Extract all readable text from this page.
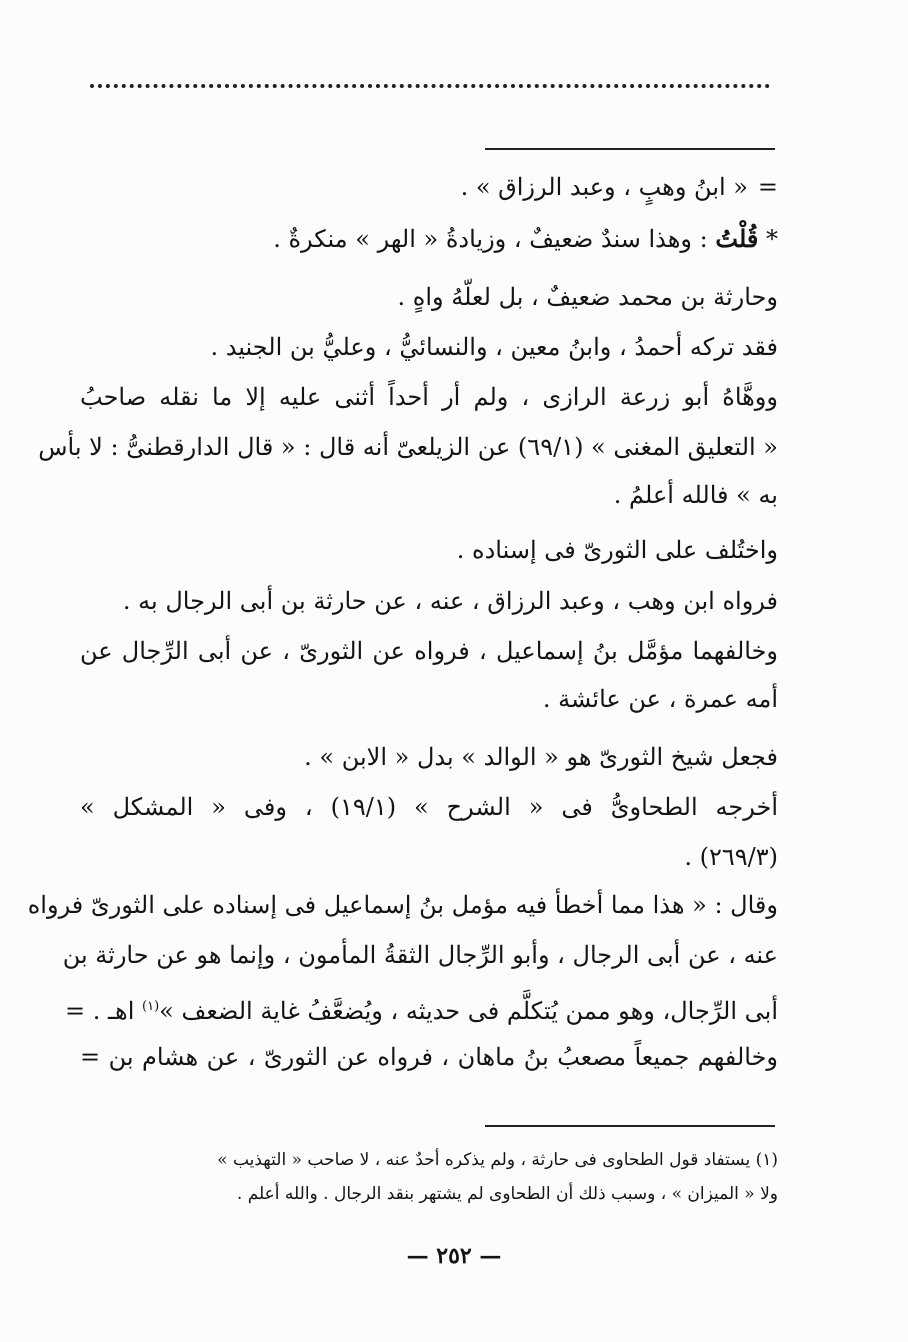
=
« ابنُ وهبٍ ، وعبد الرزاق » .
* قُلْتُ : وهذا سندٌ ضعيفٌ ، وزيادةُ « الهر » منكرةٌ .
وحارثة بن محمد ضعيفٌ ، بل لعلّهُ واهٍ .
فقد تركه أحمدُ ، وابنُ معين ، والنسائيُّ ، وعليُّ بن الجنيد .
ووهَّاهُ أبو زرعة الرازى ، ولم أر أحداً أثنى عليه إلا ما نقله صاحبُ
« التعليق المغنى » (٦٩/١) عن الزيلعىّ أنه قال : « قال الدارقطنىُّ : لا بأس
به » فالله أعلمُ .
واختُلف على الثورىّ فى إسناده .
فرواه ابن وهب ، وعبد الرزاق ، عنه ، عن حارثة بن أبى الرجال به .
وخالفهما مؤمَّل بنُ إسماعيل ، فرواه عن الثورىّ ، عن أبى الرِّجال عن
أمه عمرة ، عن عائشة .
فجعل شيخ الثورىّ هو « الوالد » بدل « الابن » .
أخرجه الطحاوىُّ فى « الشرح » (١٩/١) ، وفى « المشكل »
(٢٦٩/٣) .
وقال : « هذا مما أخطأ فيه مؤمل بنُ إسماعيل فى إسناده على الثورىّ فرواه
عنه ، عن أبى الرجال ، وأبو الرِّجال الثقةُ المأمون ، وإنما هو عن حارثة بن
أبى الرِّجال، وهو ممن يُتكلَّم فى حديثه ، ويُضعَّفُ غاية الضعف »$^{(١)}$ اهـ . =
وخالفهم جميعاً مصعبُ بنُ ماهان ، فرواه عن الثورىّ ، عن هشام بن =
(١) يستفاد قول الطحاوى فى حارثة ، ولم يذكره أحدٌ عنه ، لا صاحب « التهذيب »
ولا « الميزان » ، وسبب ذلك أن الطحاوى لم يشتهر بنقد الرجال . والله أعلم .
— ٢٥٢ —
